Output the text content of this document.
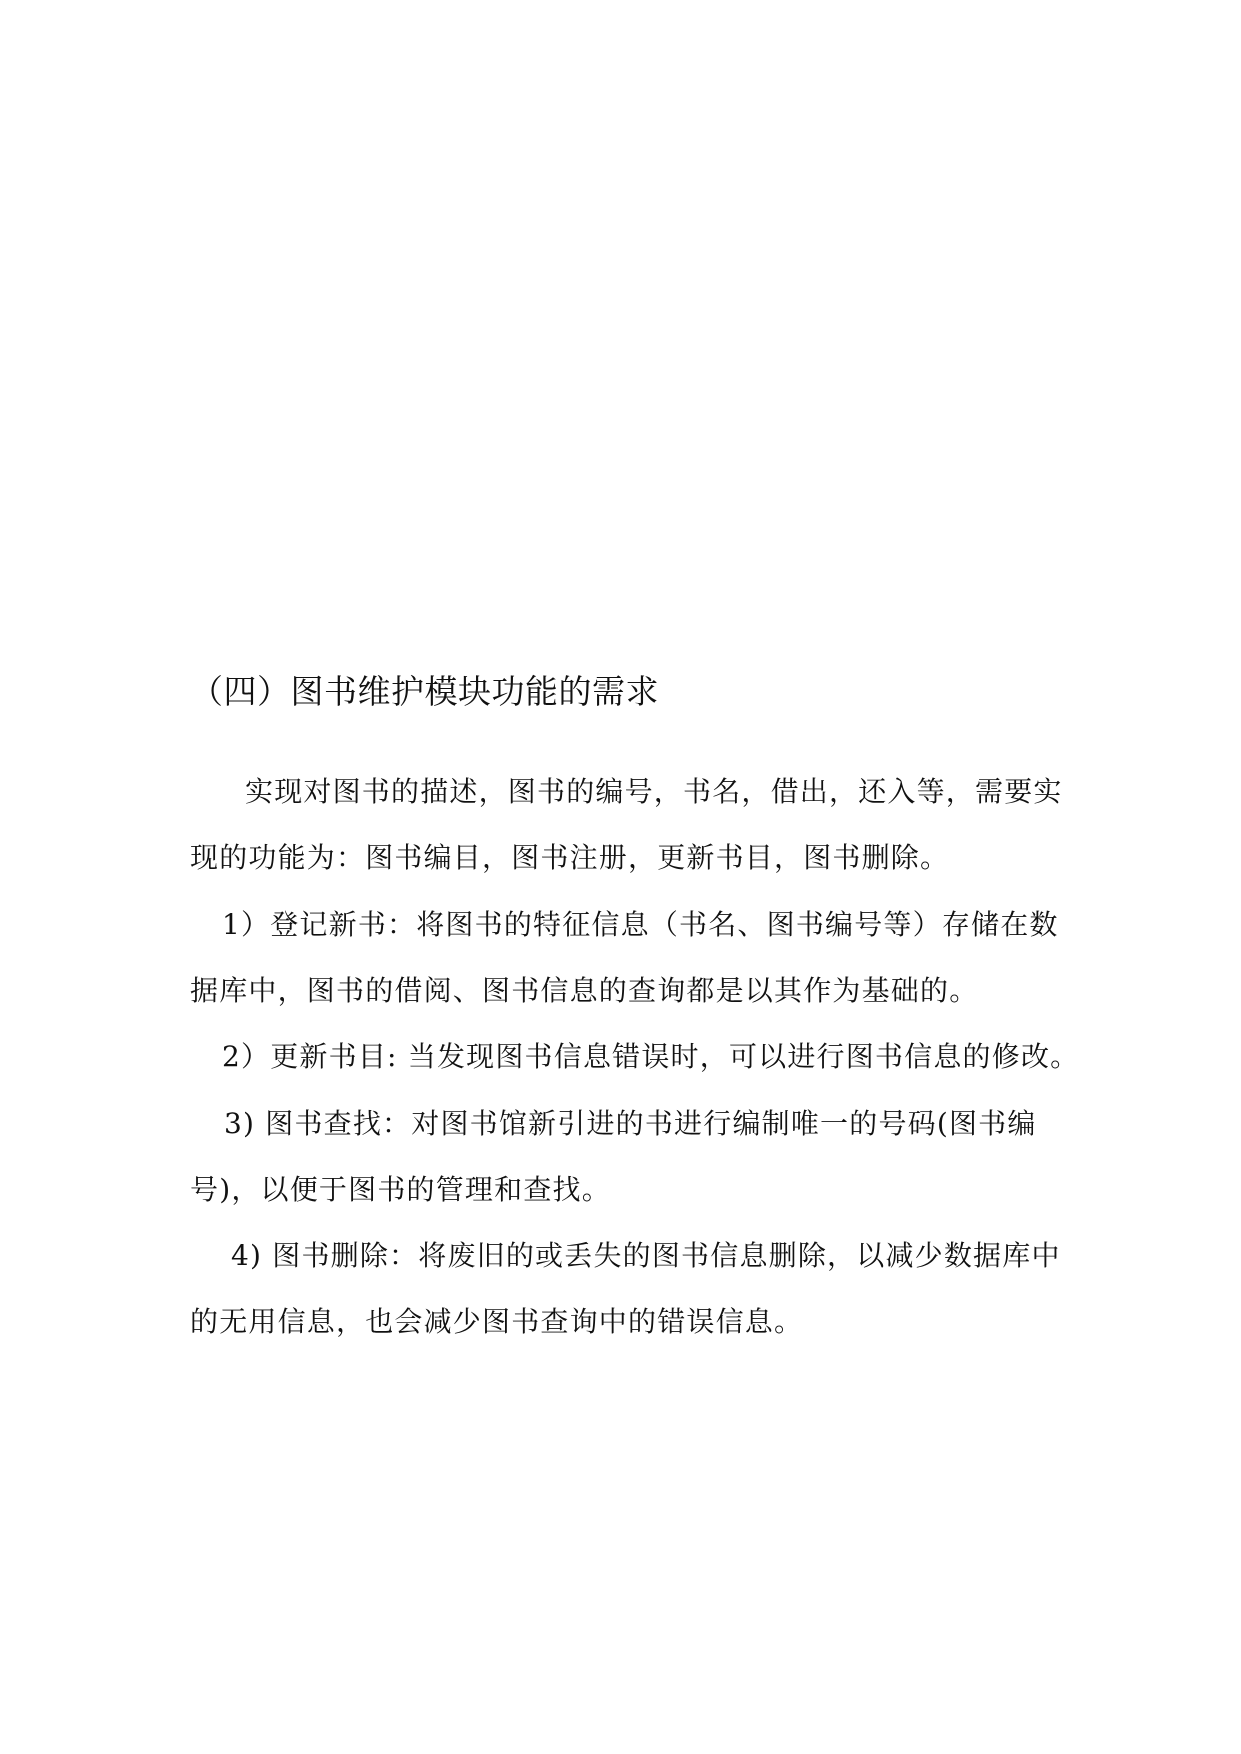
（四）图书维护模块功能的需求
实现对图书的描述，图书的编号，书名，借出，还入等，需要实
现的功能为：图书编目，图书注册，更新书目，图书删除。
1）登记新书：将图书的特征信息（书名、图书编号等）存储在数
据库中，图书的借阅、图书信息的查询都是以其作为基础的。
2）更新书目: 当发现图书信息错误时，可以进行图书信息的修改。
3) 图书查找：对图书馆新引进的书进行编制唯一的号码(图书编
号)，以便于图书的管理和查找。
4) 图书删除：将废旧的或丢失的图书信息删除，以减少数据库中
的无用信息，也会减少图书查询中的错误信息。
